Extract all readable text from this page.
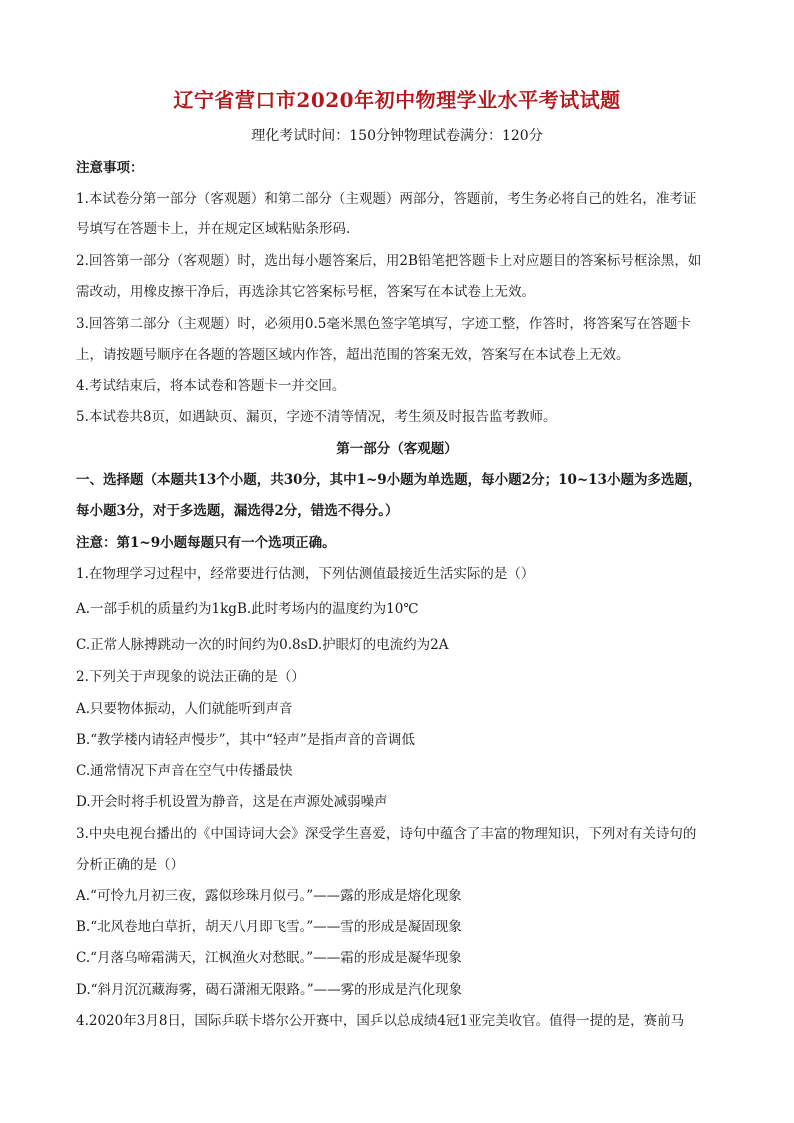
辽宁省营口市2020年初中物理学业水平考试试题
理化考试时间：150分钟物理试卷满分：120分
注意事项：
1.本试卷分第一部分（客观题）和第二部分（主观题）两部分，答题前，考生务必将自己的姓名，准考证
号填写在答题卡上，并在规定区域粘贴条形码.
2.回答第一部分（客观题）时，选出每小题答案后，用2B铅笔把答题卡上对应题目的答案标号框涂黑，如
需改动，用橡皮擦干净后，再选涂其它答案标号框，答案写在本试卷上无效。
3.回答第二部分（主观题）时，必须用0.5毫米黑色签字笔填写，字迹工整，作答时，将答案写在答题卡
上，请按题号顺序在各题的答题区域内作答，超出范围的答案无效，答案写在本试卷上无效。
4.考试结束后，将本试卷和答题卡一并交回。
5.本试卷共8页，如遇缺页、漏页，字迹不清等情况，考生须及时报告监考教师。
第一部分（客观题）
一、选择题（本题共13个小题，共30分，其中1~9小题为单选题，每小题2分；10~13小题为多选题，
每小题3分，对于多选题，漏选得2分，错选不得分。）
注意：第1~9小题每题只有一个选项正确。
1.在物理学习过程中，经常要进行估测，下列估测值最接近生活实际的是（）
A.一部手机的质量约为1kgB.此时考场内的温度约为10℃
C.正常人脉搏跳动一次的时间约为0.8sD.护眼灯的电流约为2A
2.下列关于声现象的说法正确的是（）
A.只要物体振动，人们就能听到声音
B.“教学楼内请轻声慢步”，其中“轻声”是指声音的音调低
C.通常情况下声音在空气中传播最快
D.开会时将手机设置为静音，这是在声源处减弱噪声
3.中央电视台播出的《中国诗词大会》深受学生喜爱，诗句中蕴含了丰富的物理知识，下列对有关诗句的
分析正确的是（）
A.“可怜九月初三夜，露似珍珠月似弓。”——露的形成是熔化现象
B.“北风卷地白草折，胡天八月即飞雪。”——雪的形成是凝固现象
C.“月落乌啼霜满天，江枫渔火对愁眠。”——霜的形成是凝华现象
D.“斜月沉沉藏海雾，碣石潇湘无限路。”——雾的形成是汽化现象
4.2020年3月8日，国际乒联卡塔尔公开赛中，国乒以总成绩4冠1亚完美收官。值得一提的是，赛前马
